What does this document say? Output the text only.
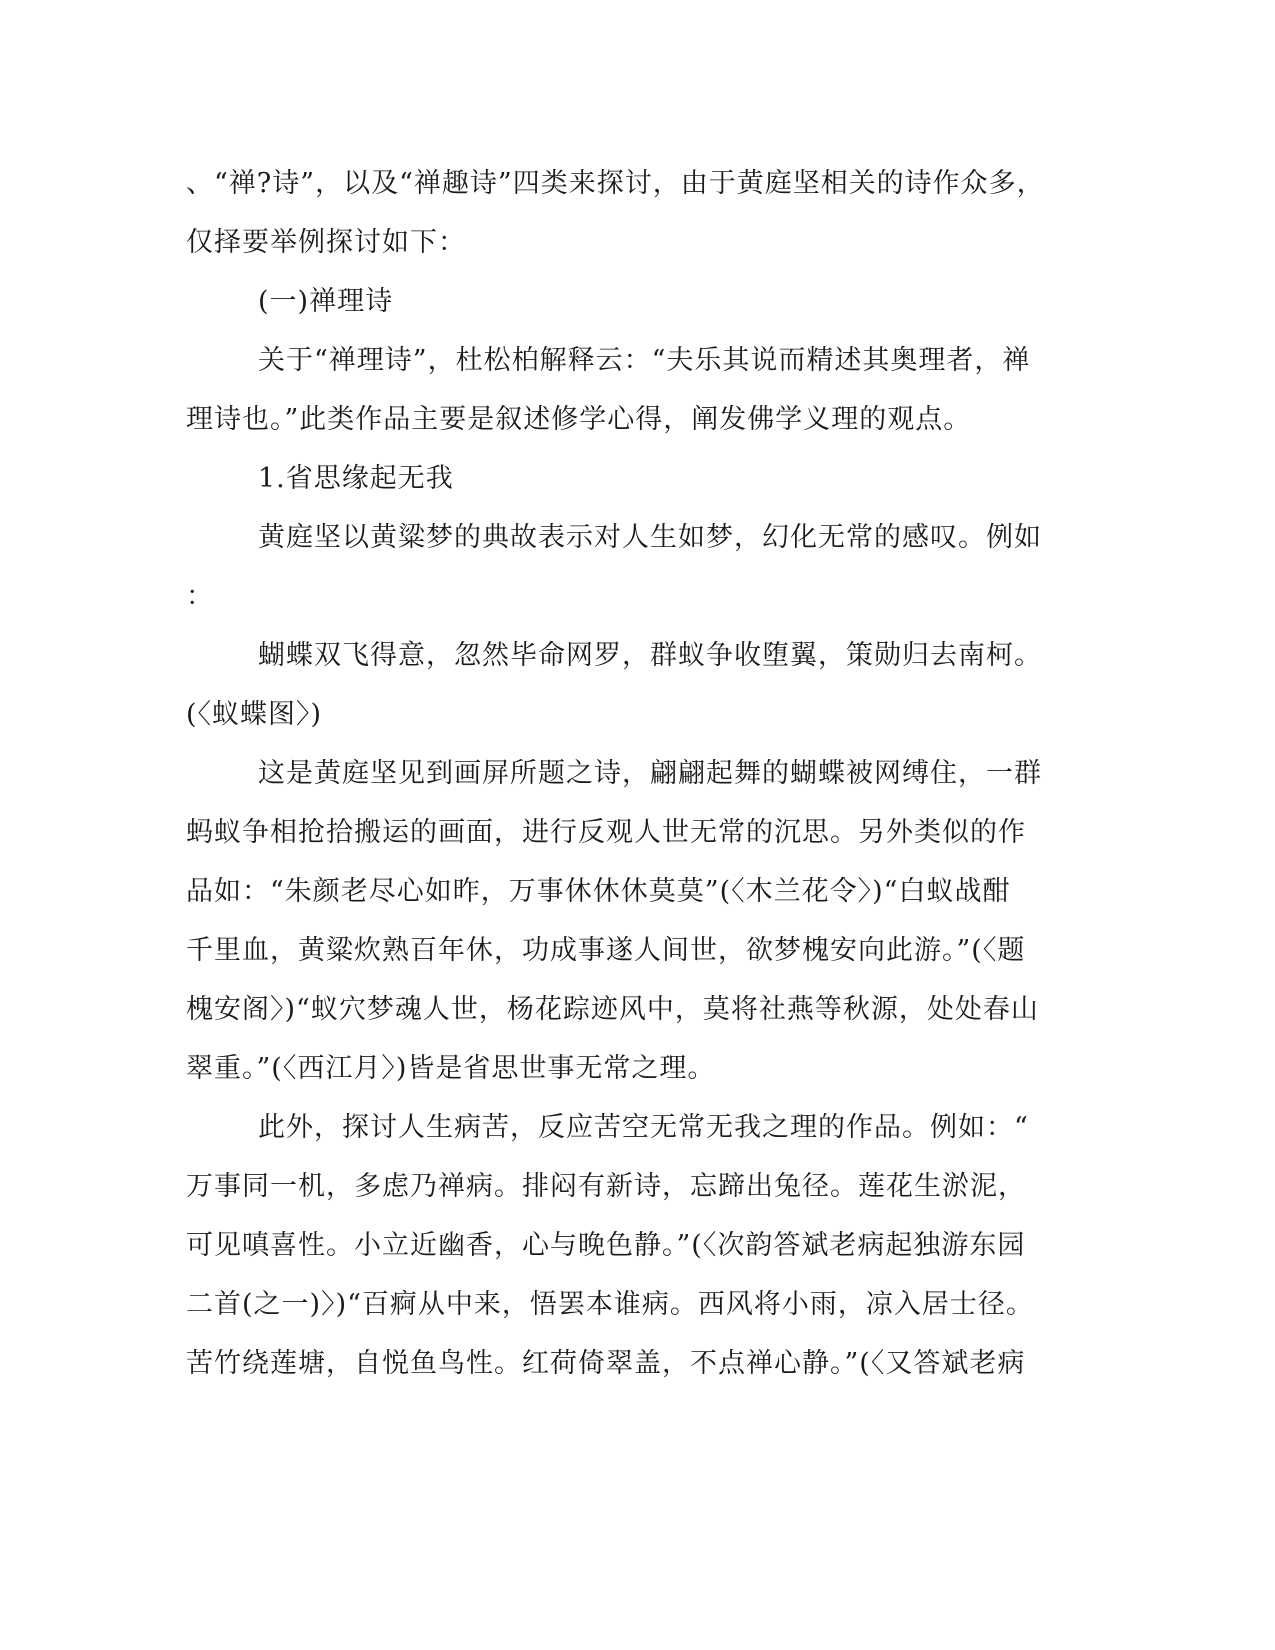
、“禅?诗”，以及“禅趣诗”四类来探讨，由于黄庭坚相关的诗作众多，

仅择要举例探讨如下：

(一)禅理诗

关于“禅理诗”，杜松柏解释云：“夫乐其说而精述其奥理者，禅

理诗也。”此类作品主要是叙述修学心得，阐发佛学义理的观点。

1.省思缘起无我

黄庭坚以黄粱梦的典故表示对人生如梦，幻化无常的感叹。例如

：

蝴蝶双飞得意，忽然毕命网罗，群蚁争收堕翼，策勋归去南柯。

(〈蚁蝶图〉)

这是黄庭坚见到画屏所题之诗，翩翩起舞的蝴蝶被网缚住，一群

蚂蚁争相抢拾搬运的画面，进行反观人世无常的沉思。另外类似的作

品如：“朱颜老尽心如昨，万事休休休莫莫”(〈木兰花令〉)“白蚁战酣

千里血，黄粱炊熟百年休，功成事遂人间世，欲梦槐安向此游。”(〈题

槐安阁〉)“蚁穴梦魂人世，杨花踪迹风中，莫将社燕等秋源，处处春山

翠重。”(〈西江月〉)皆是省思世事无常之理。

此外，探讨人生病苦，反应苦空无常无我之理的作品。例如：“

万事同一机，多虑乃禅病。排闷有新诗，忘蹄出兔径。莲花生淤泥，

可见嗔喜性。小立近幽香，心与晚色静。”(〈次韵答斌老病起独游东园

二首(之一)〉)“百痾从中来，悟罢本谁病。西风将小雨，凉入居士径。

苦竹绕莲塘，自悦鱼鸟性。红荷倚翠盖，不点禅心静。”(〈又答斌老病
